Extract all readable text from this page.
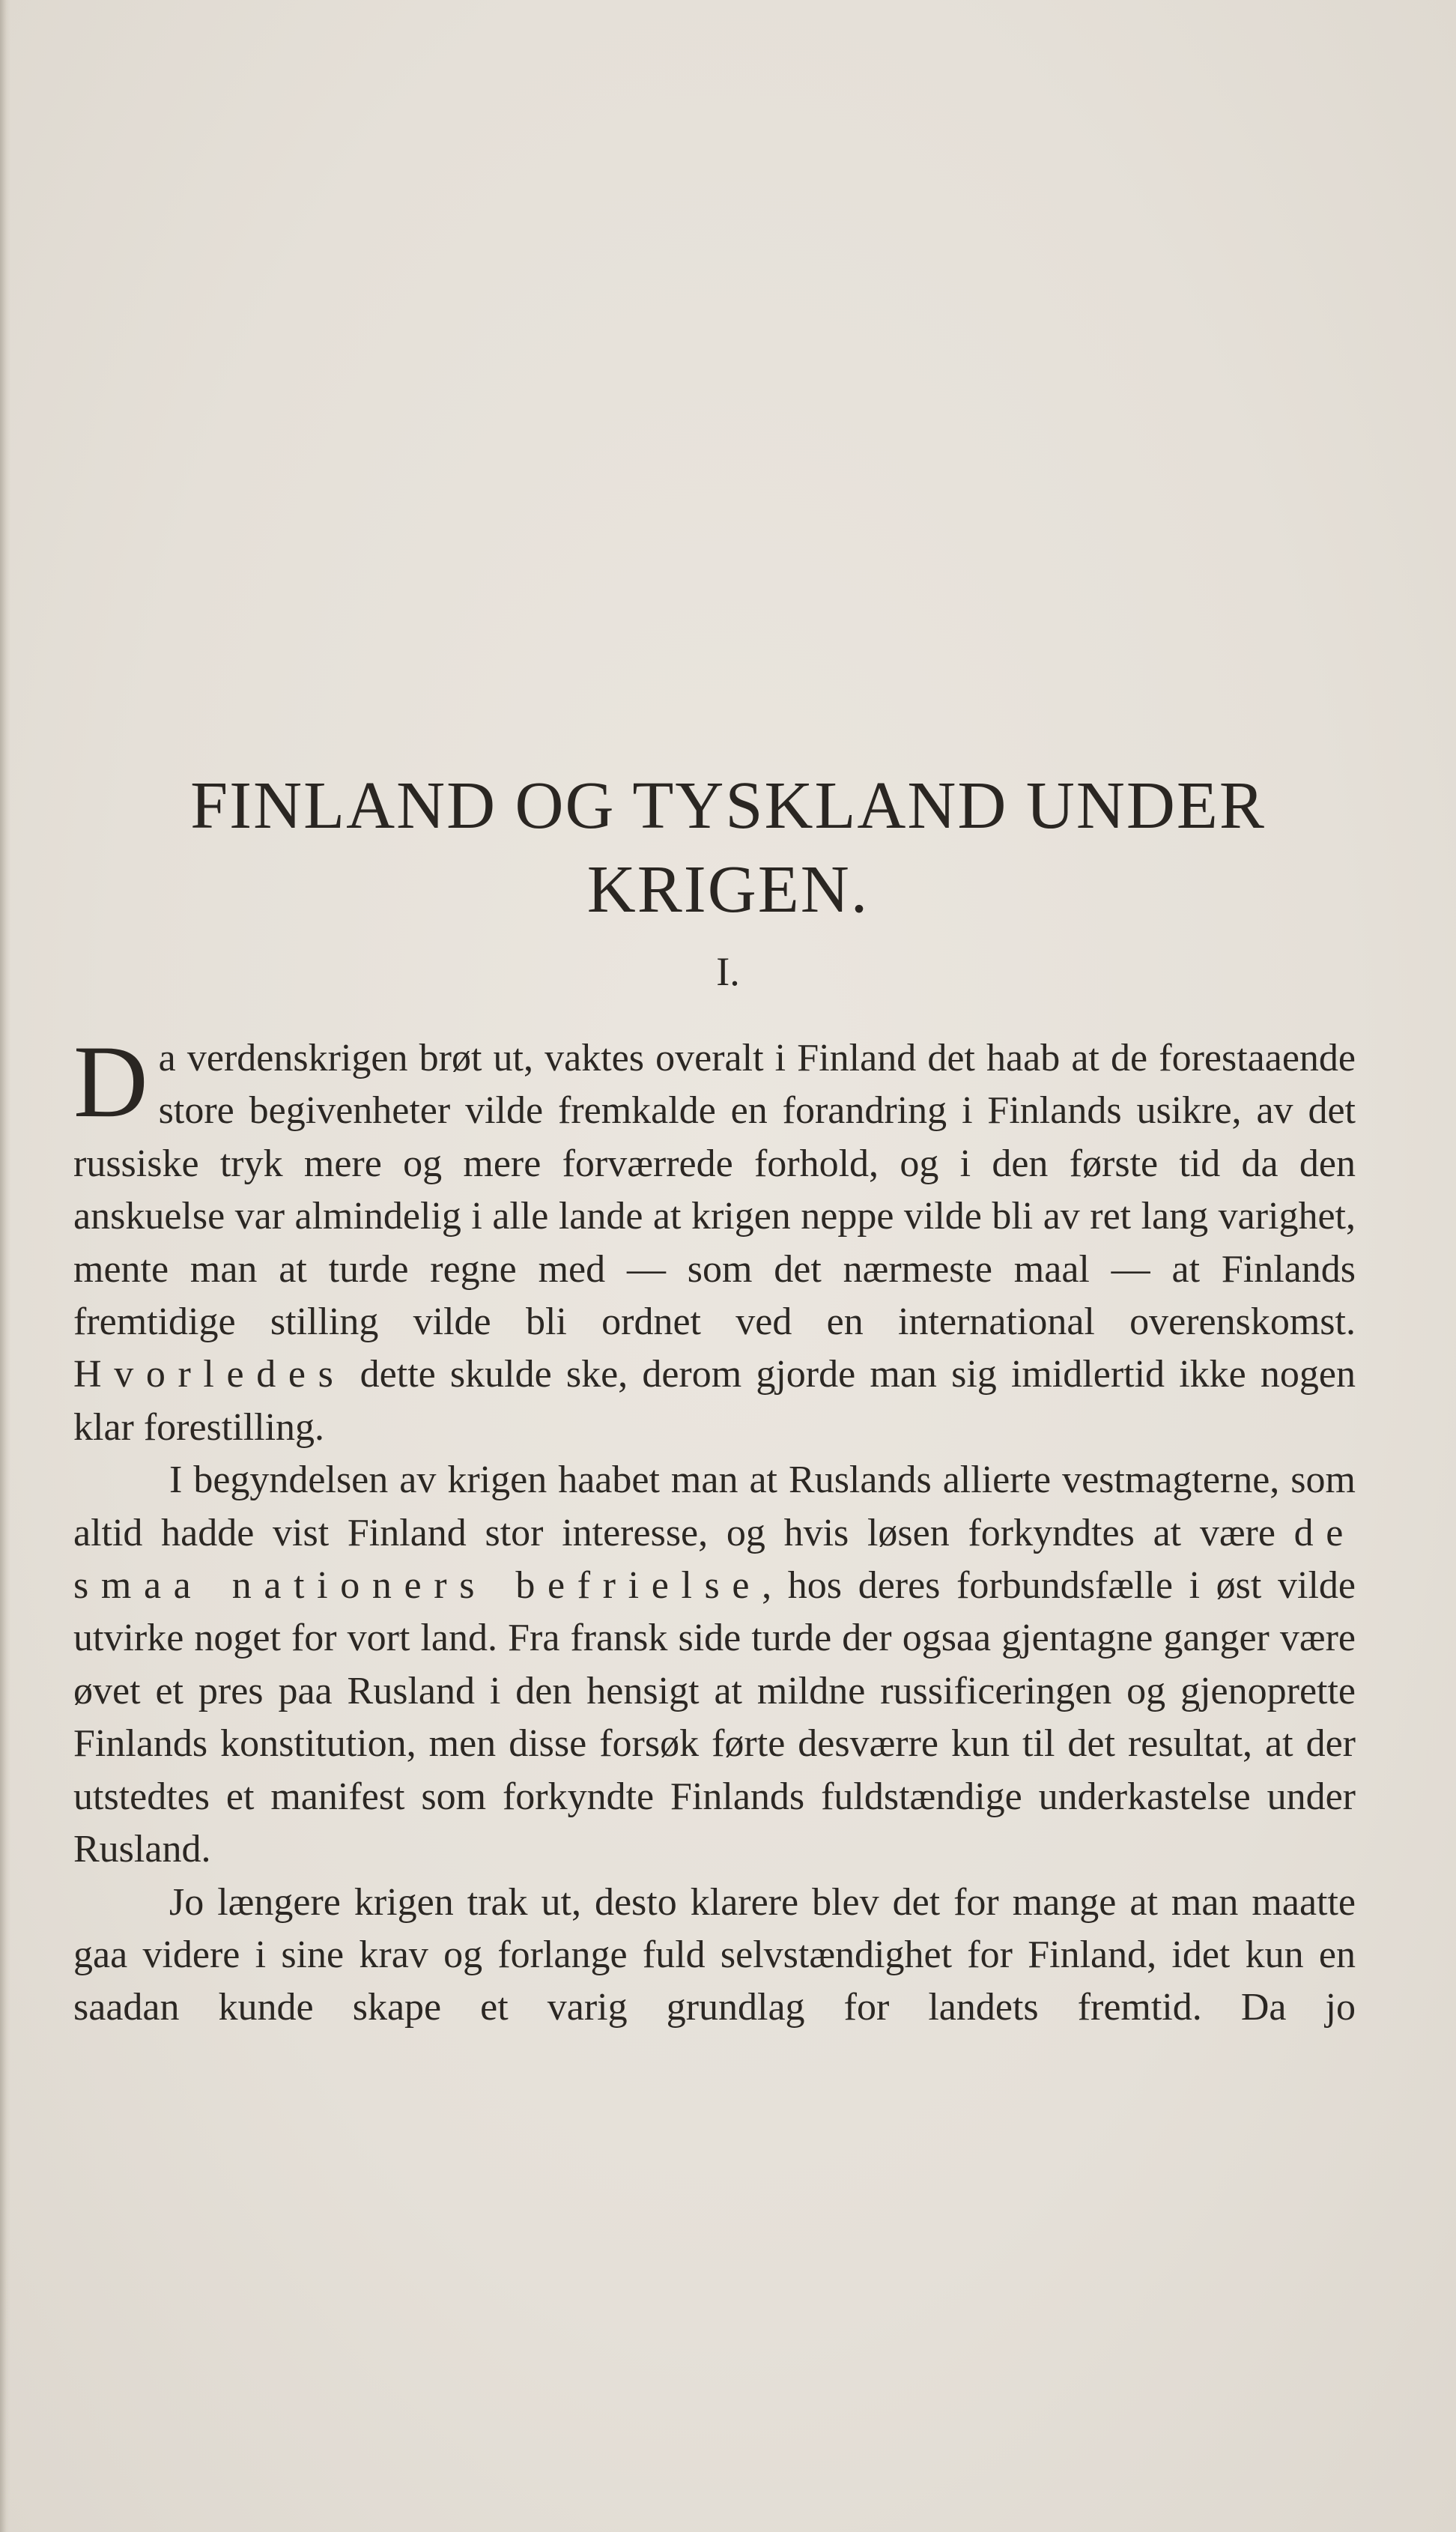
FINLAND OG TYSKLAND UNDER KRIGEN.
I.

Da verdenskrigen brøt ut, vaktes overalt i Finland det haab at de forestaaende store begivenheter vilde fremkalde en forandring i Finlands usikre, av det russiske tryk mere og mere forværrede forhold, og i den første tid da den anskuelse var almindelig i alle lande at krigen neppe vilde bli av ret lang varighet, mente man at turde regne med — som det nærmeste maal — at Finlands fremtidige stilling vilde bli ordnet ved en international overenskomst. Hvorledes dette skulde ske, derom gjorde man sig imidlertid ikke nogen klar forestilling.

I begyndelsen av krigen haabet man at Ruslands allierte vestmagterne, som altid hadde vist Finland stor interesse, og hvis løsen forkyndtes at være de smaa nationers befrielse, hos deres forbundsfælle i øst vilde utvirke noget for vort land. Fra fransk side turde der ogsaa gjentagne ganger være øvet et pres paa Rusland i den hensigt at mildne russificeringen og gjenoprette Finlands konstitution, men disse forsøk førte desværre kun til det resultat, at der utstedtes et manifest som forkyndte Finlands fuldstændige underkastelse under Rusland.

Jo længere krigen trak ut, desto klarere blev det for mange at man maatte gaa videre i sine krav og forlange fuld selvstændighet for Finland, idet kun en saadan kunde skape et varig grundlag for landets fremtid. Da jo
